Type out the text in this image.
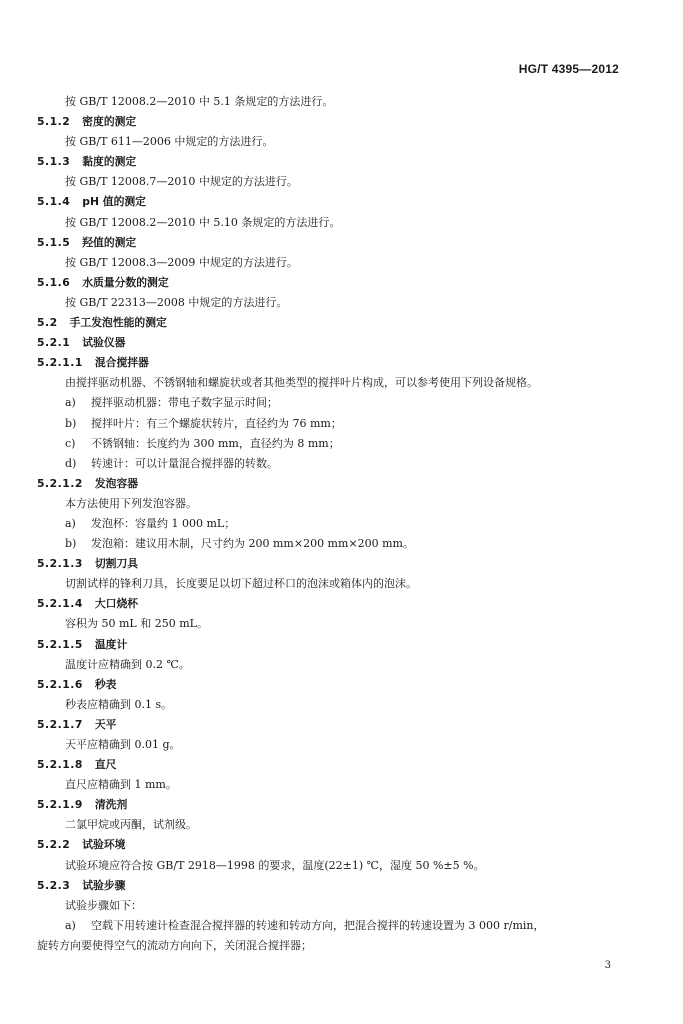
HG/T 4395—2012
按 GB/T 12008.2—2010 中 5.1 条规定的方法进行。
5.1.2 密度的测定
按 GB/T 611—2006 中规定的方法进行。
5.1.3 黏度的测定
按 GB/T 12008.7—2010 中规定的方法进行。
5.1.4 pH 值的测定
按 GB/T 12008.2—2010 中 5.10 条规定的方法进行。
5.1.5 羟值的测定
按 GB/T 12008.3—2009 中规定的方法进行。
5.1.6 水质量分数的测定
按 GB/T 22313—2008 中规定的方法进行。
5.2 手工发泡性能的测定
5.2.1 试验仪器
5.2.1.1 混合搅拌器
由搅拌驱动机器、不锈钢轴和螺旋状或者其他类型的搅拌叶片构成，可以参考使用下列设备规格。
a) 搅拌驱动机器：带电子数字显示时间；
b) 搅拌叶片：有三个螺旋状转片，直径约为 76 mm；
c) 不锈钢轴：长度约为 300 mm，直径约为 8 mm；
d) 转速计：可以计量混合搅拌器的转数。
5.2.1.2 发泡容器
本方法使用下列发泡容器。
a) 发泡杯：容量约 1 000 mL；
b) 发泡箱：建议用木制，尺寸约为 200 mm×200 mm×200 mm。
5.2.1.3 切割刀具
切割试样的锋利刀具，长度要足以切下超过杯口的泡沫或箱体内的泡沫。
5.2.1.4 大口烧杯
容积为 50 mL 和 250 mL。
5.2.1.5 温度计
温度计应精确到 0.2 ℃。
5.2.1.6 秒表
秒表应精确到 0.1 s。
5.2.1.7 天平
天平应精确到 0.01 g。
5.2.1.8 直尺
直尺应精确到 1 mm。
5.2.1.9 清洗剂
二氯甲烷或丙酮，试剂级。
5.2.2 试验环境
试验环境应符合按 GB/T 2918—1998 的要求，温度(22±1) ℃，湿度 50 %±5 %。
5.2.3 试验步骤
试验步骤如下：
a) 空载下用转速计检查混合搅拌器的转速和转动方向，把混合搅拌的转速设置为 3 000 r/min，
旋转方向要使得空气的流动方向向下，关闭混合搅拌器；
3
